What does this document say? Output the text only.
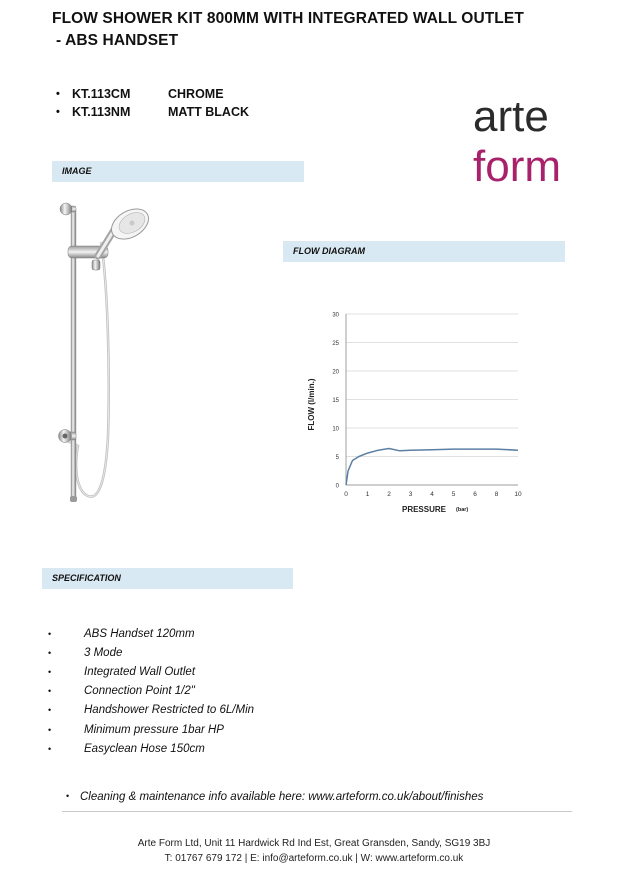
FLOW SHOWER KIT 800MM WITH INTEGRATED WALL OUTLET
- ABS HANDSET
• KT.113CM	CHROME
• KT.113NM	MATT BLACK	arte
form
IMAGE
FLOW DIAGRAM
0
5
10
15
20
25
30
0	1	2	3	4	5	6	8 10
PRESSURE (bar)
FLOW (l/min.)
SPECIFICATION
•	ABS Handset 120mm
•	3 Mode
•	Integrated Wall Outlet
•	Connection Point 1/2"
•	Handshower Restricted to 6L/Min
•	Minimum pressure 1bar HP
•	Easyclean Hose 150cm
• Cleaning & maintenance info available here: www.arteform.co.uk/about/finishes
Arte Form Ltd, Unit 11 Hardwick Rd Ind Est, Great Gransden, Sandy, SG19 3BJ
T: 01767 679 172 | E: info@arteform.co.uk | W: www.arteform.co.uk
